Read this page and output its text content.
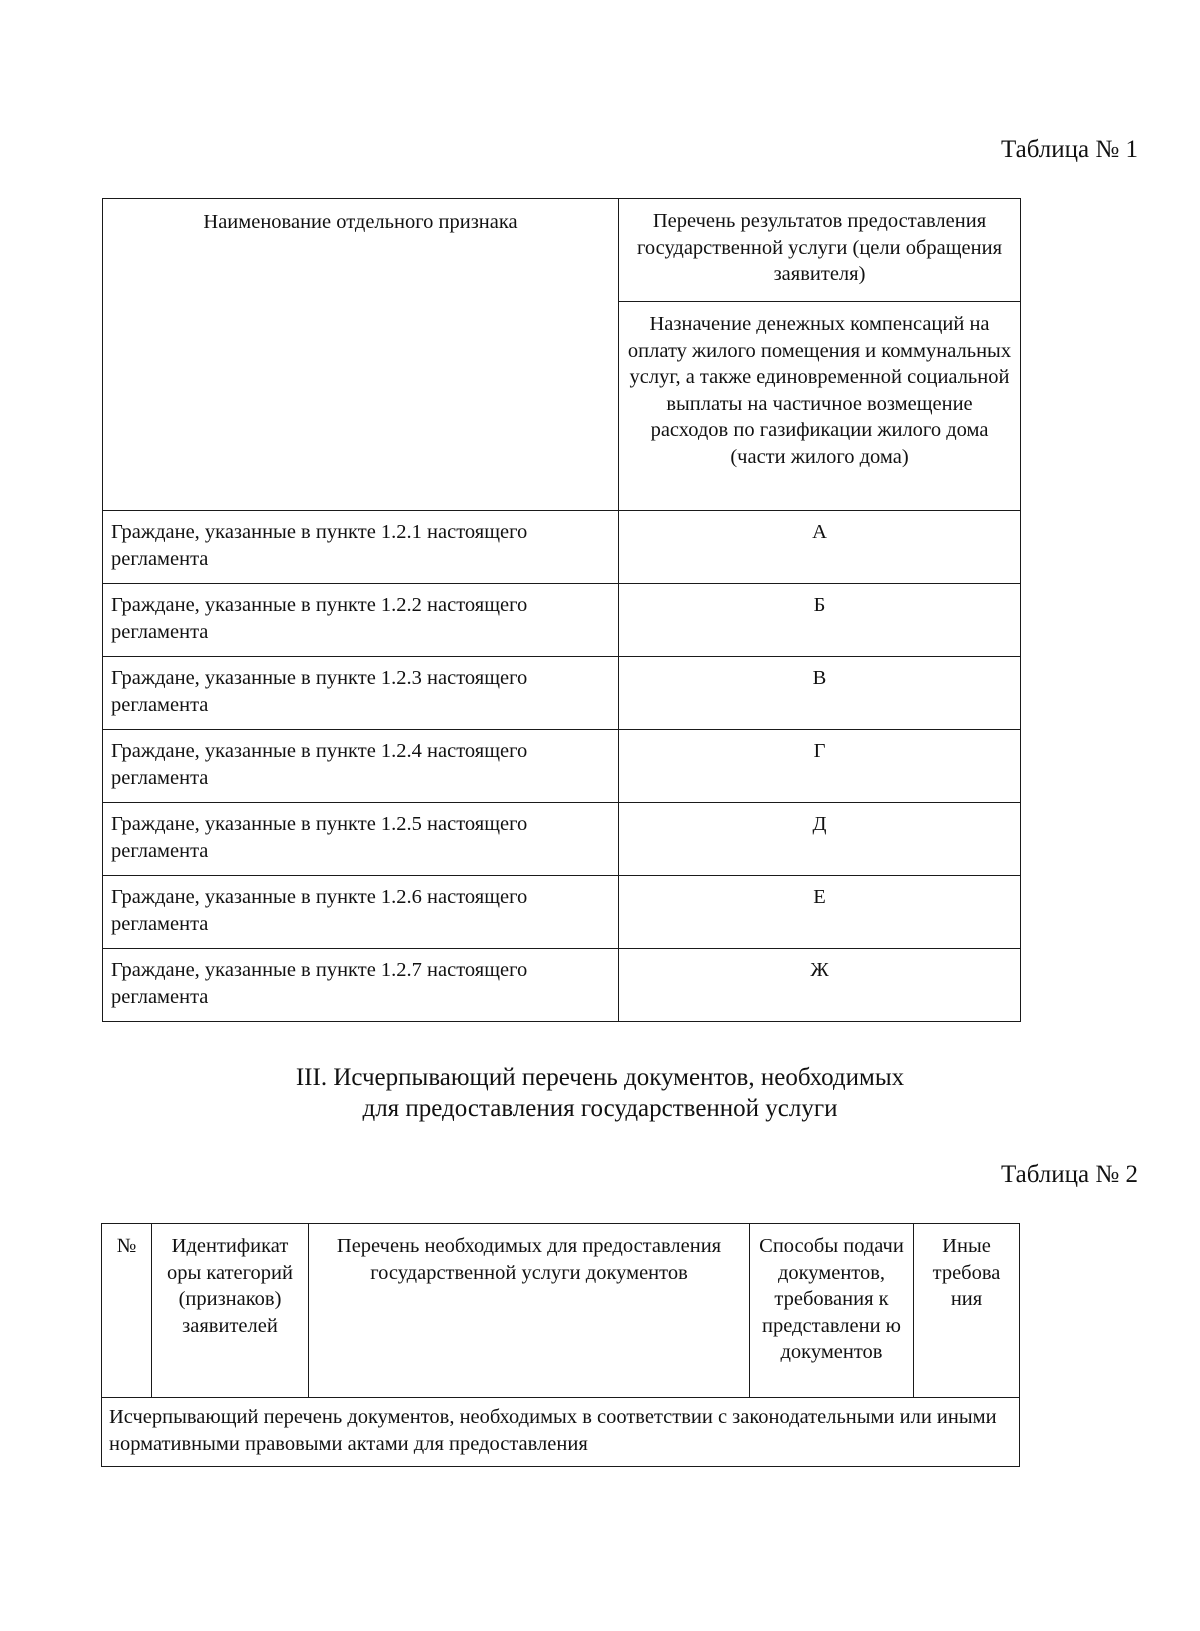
Таблица № 1
Наименование отдельного признака	Перечень результатов предоставления государственной услуги (цели обращения заявителя)
	Назначение денежных компенсаций на оплату жилого помещения и коммунальных услуг, а также единовременной социальной выплаты на частичное возмещение расходов по газификации жилого дома (части жилого дома)
Граждане, указанные в пункте 1.2.1 настоящего регламента	А
Граждане, указанные в пункте 1.2.2 настоящего регламента	Б
Граждане, указанные в пункте 1.2.3 настоящего регламента	В
Граждане, указанные в пункте 1.2.4 настоящего регламента	Г
Граждане, указанные в пункте 1.2.5 настоящего регламента	Д
Граждане, указанные в пункте 1.2.6 настоящего регламента	Е
Граждане, указанные в пункте 1.2.7 настоящего регламента	Ж
III. Исчерпывающий перечень документов, необходимых
для предоставления государственной услуги
Таблица № 2
№	Идентификат оры категорий (признаков) заявителей	Перечень необходимых для предоставления государственной услуги документов	Способы подачи документов, требования к представлени ю документов	Иные требова ния
Исчерпывающий перечень документов, необходимых в соответствии с законодательными или иными нормативными правовыми актами для предоставления
